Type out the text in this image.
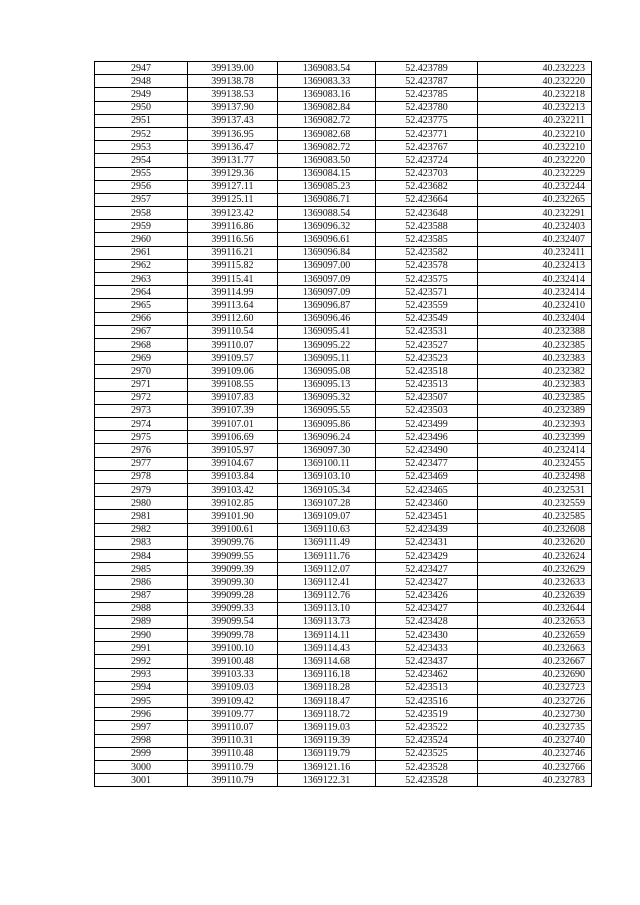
2947	399139.00	1369083.54	52.423789	40.232223
2948	399138.78	1369083.33	52.423787	40.232220
2949	399138.53	1369083.16	52.423785	40.232218
2950	399137.90	1369082.84	52.423780	40.232213
2951	399137.43	1369082.72	52.423775	40.232211
2952	399136.95	1369082.68	52.423771	40.232210
2953	399136.47	1369082.72	52.423767	40.232210
2954	399131.77	1369083.50	52.423724	40.232220
2955	399129.36	1369084.15	52.423703	40.232229
2956	399127.11	1369085.23	52.423682	40.232244
2957	399125.11	1369086.71	52.423664	40.232265
2958	399123.42	1369088.54	52.423648	40.232291
2959	399116.86	1369096.32	52.423588	40.232403
2960	399116.56	1369096.61	52.423585	40.232407
2961	399116.21	1369096.84	52.423582	40.232411
2962	399115.82	1369097.00	52.423578	40.232413
2963	399115.41	1369097.09	52.423575	40.232414
2964	399114.99	1369097.09	52.423571	40.232414
2965	399113.64	1369096.87	52.423559	40.232410
2966	399112.60	1369096.46	52.423549	40.232404
2967	399110.54	1369095.41	52.423531	40.232388
2968	399110.07	1369095.22	52.423527	40.232385
2969	399109.57	1369095.11	52.423523	40.232383
2970	399109.06	1369095.08	52.423518	40.232382
2971	399108.55	1369095.13	52.423513	40.232383
2972	399107.83	1369095.32	52.423507	40.232385
2973	399107.39	1369095.55	52.423503	40.232389
2974	399107.01	1369095.86	52.423499	40.232393
2975	399106.69	1369096.24	52.423496	40.232399
2976	399105.97	1369097.30	52.423490	40.232414
2977	399104.67	1369100.11	52.423477	40.232455
2978	399103.84	1369103.10	52.423469	40.232498
2979	399103.42	1369105.34	52.423465	40.232531
2980	399102.85	1369107.28	52.423460	40.232559
2981	399101.90	1369109.07	52.423451	40.232585
2982	399100.61	1369110.63	52.423439	40.232608
2983	399099.76	1369111.49	52.423431	40.232620
2984	399099.55	1369111.76	52.423429	40.232624
2985	399099.39	1369112.07	52.423427	40.232629
2986	399099.30	1369112.41	52.423427	40.232633
2987	399099.28	1369112.76	52.423426	40.232639
2988	399099.33	1369113.10	52.423427	40.232644
2989	399099.54	1369113.73	52.423428	40.232653
2990	399099.78	1369114.11	52.423430	40.232659
2991	399100.10	1369114.43	52.423433	40.232663
2992	399100.48	1369114.68	52.423437	40.232667
2993	399103.33	1369116.18	52.423462	40.232690
2994	399109.03	1369118.28	52.423513	40.232723
2995	399109.42	1369118.47	52.423516	40.232726
2996	399109.77	1369118.72	52.423519	40.232730
2997	399110.07	1369119.03	52.423522	40.232735
2998	399110.31	1369119.39	52.423524	40.232740
2999	399110.48	1369119.79	52.423525	40.232746
3000	399110.79	1369121.16	52.423528	40.232766
3001	399110.79	1369122.31	52.423528	40.232783
